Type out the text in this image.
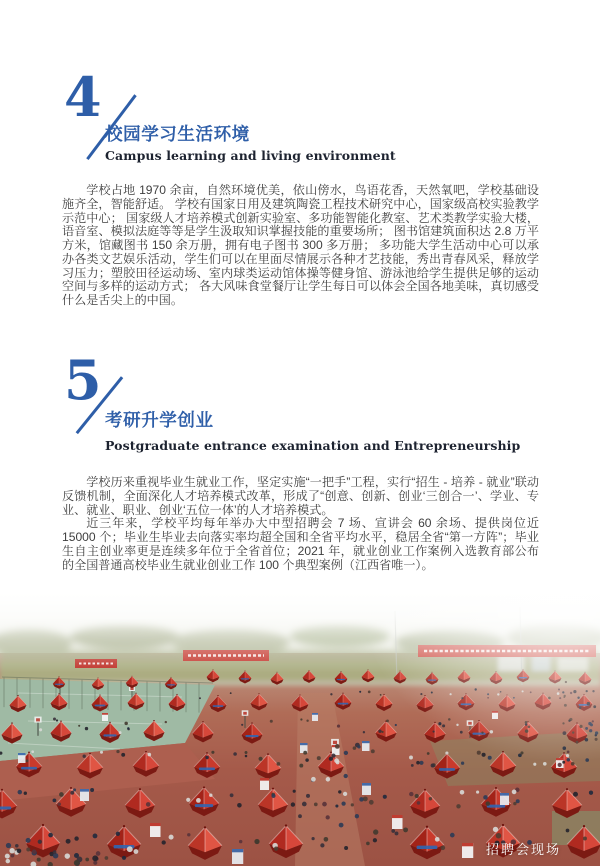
4
校园学习生活环境
Campus learning and living environment

学校占地 1970 余亩，自然环境优美，依山傍水，鸟语花香，天然氧吧，学校基础设施齐全，智能舒适。 学校有国家日用及建筑陶瓷工程技术研究中心，国家级高校实验教学示范中心； 国家级人才培养模式创新实验室、多功能智能化教室、艺术类教学实验大楼，语音室、模拟法庭等等是学生汲取知识掌握技能的重要场所； 图书馆建筑面积达 2.8 万平方米，馆藏图书 150 余万册，拥有电子图书 300 多万册； 多功能大学生活动中心可以承办各类文艺娱乐活动，学生们可以在里面尽情展示各种才艺技能，秀出青春风采，释放学习压力；塑胶田径运动场、室内球类运动馆体操等健身馆、游泳池给学生提供足够的运动空间与多样的运动方式； 各大风味食堂餐厅让学生每日可以体会全国各地美味，真切感受什么是舌尖上的中国。

5
考研升学创业
Postgraduate entrance examination and Entrepreneurship

学校历来重视毕业生就业工作，坚定实施“一把手”工程，实行“招生 - 培养 - 就业”联动反馈机制，全面深化人才培养模式改革，形成了“创意、创新、创业‘三创合一’、学业、专业、就业、职业、创业‘五位一体’的人才培养模式。

近三年来，学校平均每年举办大中型招聘会 7 场、宣讲会 60 余场、提供岗位近 15000 个；毕业生毕业去向落实率均超全国和全省平均水平，稳居全省“第一方阵”；毕业生自主创业率更是连续多年位于全省首位；2021 年，就业创业工作案例入选教育部公布的全国普通高校毕业生就业创业工作 100 个典型案例（江西省唯一）。

招聘会现场
